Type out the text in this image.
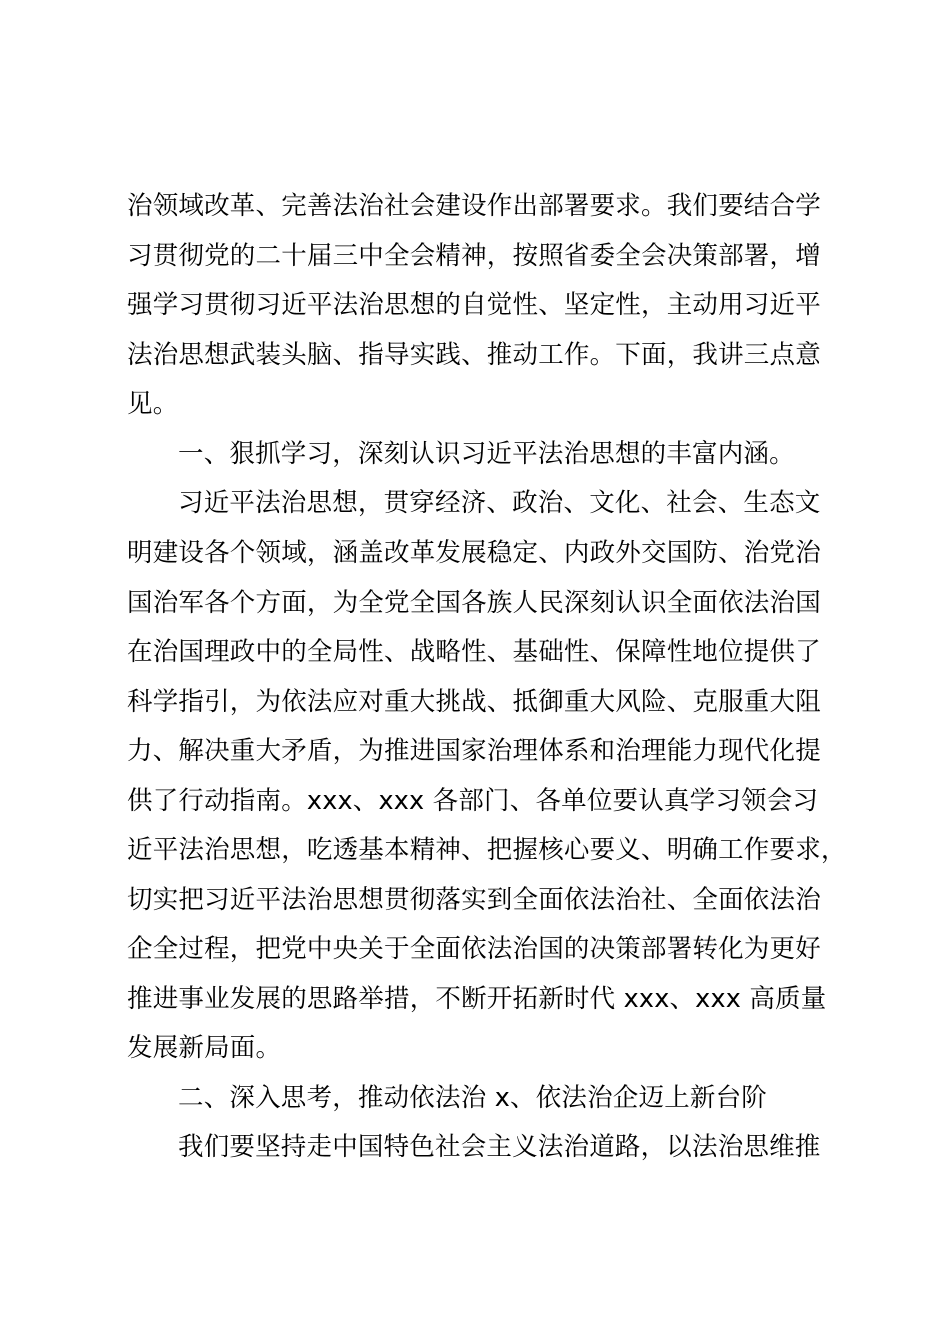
治领域改革、完善法治社会建设作出部署要求。我们要结合学
习贯彻党的二十届三中全会精神，按照省委全会决策部署，增
强学习贯彻习近平法治思想的自觉性、坚定性，主动用习近平
法治思想武装头脑、指导实践、推动工作。下面，我讲三点意
见。
一、狠抓学习，深刻认识习近平法治思想的丰富内涵。
习近平法治思想，贯穿经济、政治、文化、社会、生态文
明建设各个领域，涵盖改革发展稳定、内政外交国防、治党治
国治军各个方面，为全党全国各族人民深刻认识全面依法治国
在治国理政中的全局性、战略性、基础性、保障性地位提供了
科学指引，为依法应对重大挑战、抵御重大风险、克服重大阻
力、解决重大矛盾，为推进国家治理体系和治理能力现代化提
供了行动指南。xxx、xxx 各部门、各单位要认真学习领会习
近平法治思想，吃透基本精神、把握核心要义、明确工作要求，
切实把习近平法治思想贯彻落实到全面依法治社、全面依法治
企全过程，把党中央关于全面依法治国的决策部署转化为更好
推进事业发展的思路举措，不断开拓新时代 xxx、xxx 高质量
发展新局面。
二、深入思考，推动依法治 x、依法治企迈上新台阶
我们要坚持走中国特色社会主义法治道路，以法治思维推
